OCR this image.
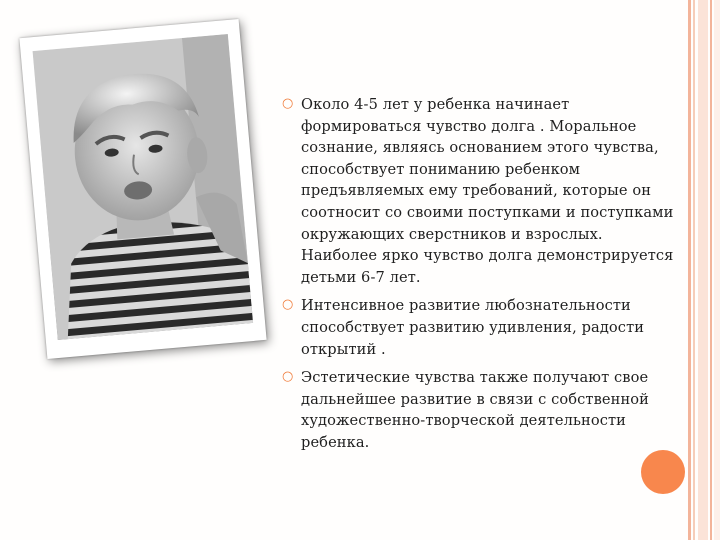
○ Около 4-5 лет у ребенка начинает формироваться чувство долга . Моральное сознание, являясь основанием этого чувства, способствует пониманию ребенком предъявляемых ему требований, которые он соотносит со своими поступками и поступками окружающих сверстников и взрослых. Наиболее ярко чувство долга демонстрируется детьми 6-7 лет.
○ Интенсивное развитие любознательности способствует развитию удивления, радости открытий .
○ Эстетические чувства также получают свое дальнейшее развитие в связи с собственной художественно-творческой деятельности ребенка.
